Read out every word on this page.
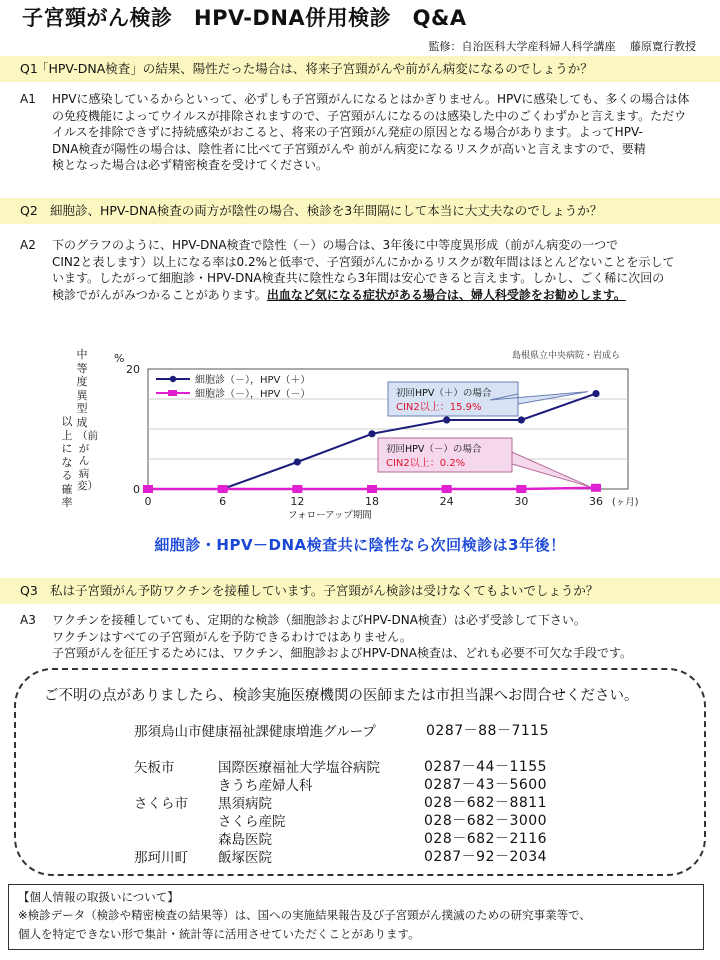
子宮頸がん検診　HPV-DNA併用検診　Q&A
監修：自治医科大学産科婦人科学講座　 藤原寛行教授
Q1
「HPV-DNA検査」の結果、陽性だった場合は、将来子宮頸がんや前がん病変になるのでしょうか？
A1 HPVに感染しているからといって、必ずしも子宮頸がんになるとはかぎりません。HPVに感染しても、多くの場合は体
の免疫機能によってウイルスが排除されますので、子宮頸がんになるのは感染した中のごくわずかと言えます。ただウ
イルスを排除できずに持続感染がおこると、将来の子宮頸がん発症の原因となる場合があります。よってHPV-
DNA検査が陽性の場合は、陰性者に比べて子宮頸がんや 前がん病変になるリスクが高いと言えますので、要精
検となった場合は必ず精密検査を受けてください。
Q2 細胞診、HPV-DNA検査の両方が陰性の場合、検診を3年間隔にして本当に大丈夫なのでしょうか？
A2 下のグラフのように、HPV-DNA検査で陰性（－）の場合は、3年後に中等度異形成（前がん病変の一つで
CIN2と表します）以上になる率は0.2%と低率で、子宮頸がんにかかるリスクが数年間はほとんどないことを示して
います。したがって細胞診・HPV-DNA検査共に陰性なら3年間は安心できると言えます。しかし、ごく稀に次回の
検診でがんがみつかることがあります。出血など気になる症状がある場合は、婦人科受診をお勧めします。
中等度異型成
（前がん病変）
以上になる確率
0
20
%
0	6	12	18	24	30	36 (ヶ月)
フォローアップ期間
島根県立中央病院・岩成ら
細胞診（－），HPV（＋）
細胞診（－），HPV（－）	初回HPV（＋）の場合
CIN2以上：15.9%
初回HPV（－）の場合
CIN2以上：0.2%
細胞診・HPV－DNA検査共に陰性なら次回検診は3年後！
Q3 私は子宮頸がん予防ワクチンを接種しています。子宮頸がん検診は受けなくてもよいでしょうか？
A3 ワクチンを接種していても、定期的な検診（細胞診およびHPV-DNA検査）は必ず受診して下さい。
ワクチンはすべての子宮頸がんを予防できるわけではありません。
子宮頸がんを征圧するためには、ワクチン、細胞診およびHPV-DNA検査は、どれも必要不可欠な手段です。
ご不明の点がありましたら、検診実施医療機関の医師または市担当課へお問合せください。
那須烏山市健康福祉課健康増進グループ	0287－88－7115
矢板市	国際医療福祉大学塩谷病院	0287－44－1155
きうち産婦人科	0287－43－5600
さくら市 黒須病院	028－682－8811
さくら産院	028－682－3000
森島医院	028－682－2116
那珂川町 飯塚医院	0287－92－2034
【個人情報の取扱いについて】
※検診データ（検診や精密検査の結果等）は、国への実施結果報告及び子宮頸がん撲滅のための研究事業等で、
個人を特定できない形で集計・統計等に活用させていただくことがあります。
